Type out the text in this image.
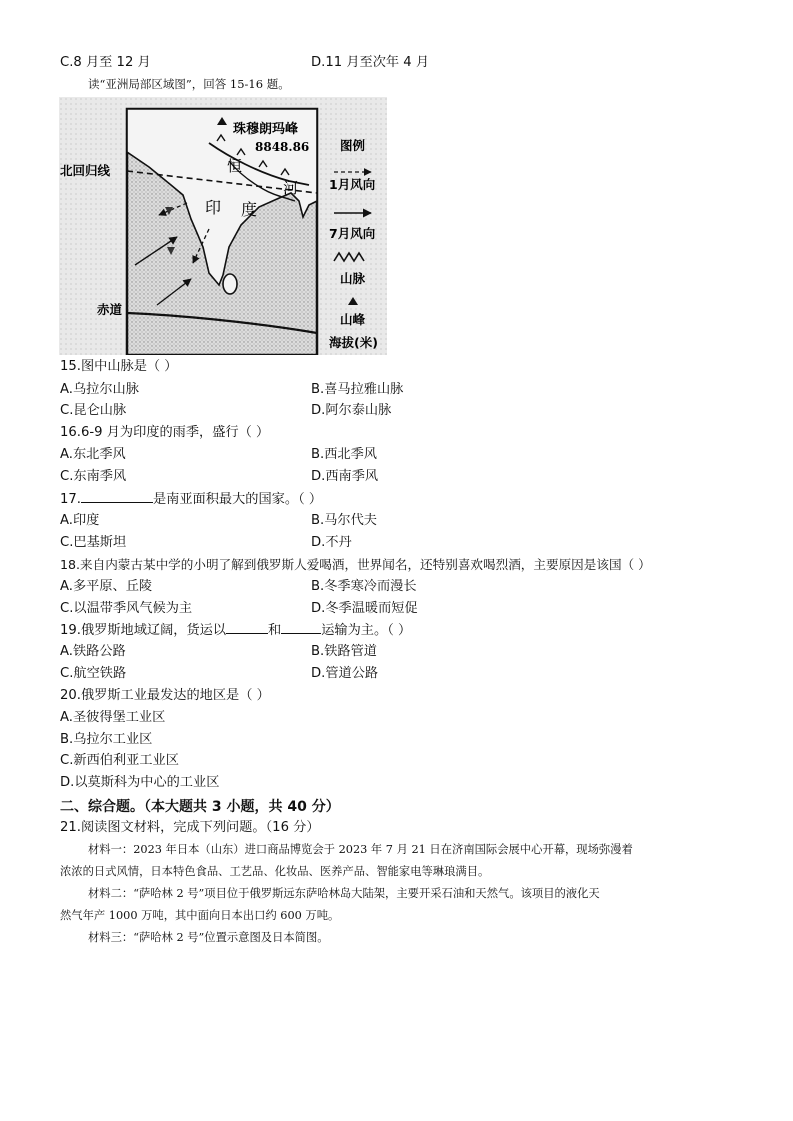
C.8 月至 12 月	D.11 月至次年 4 月
读“亚洲局部区域图”，回答 15-16 题。
珠穆朗玛峰
8848.86
北回归线
赤道
印 度
恒
河
图例
1月风向
7月风向
山脉
山峰
海拔(米)
15.图中山脉是（ ）
A.乌拉尔山脉	B.喜马拉雅山脉
C.昆仑山脉	D.阿尔泰山脉
16.6-9 月为印度的雨季，盛行（ ）
A.东北季风	B.西北季风
C.东南季风	D.西南季风
17.	是南亚面积最大的国家。（ ）
A.印度	B.马尔代夫
C.巴基斯坦	D.不丹
18.来自内蒙古某中学的小明了解到俄罗斯人爱喝酒，世界闻名，还特别喜欢喝烈酒，主要原因是该国（ ）
A.多平原、丘陵	B.冬季寒冷而漫长
C.以温带季风气候为主	D.冬季温暖而短促
19.俄罗斯地域辽阔，货运以	和	运输为主。（ ）
A.铁路公路	B.铁路管道
C.航空铁路	D.管道公路
20.俄罗斯工业最发达的地区是（ ）
A.圣彼得堡工业区
B.乌拉尔工业区
C.新西伯利亚工业区
D.以莫斯科为中心的工业区
二、综合题。（本大题共 3 小题，共 40 分）
21.阅读图文材料，完成下列问题。（16 分）
材料一：2023 年日本（山东）进口商品博览会于 2023 年 7 月 21 日在济南国际会展中心开幕，现场弥漫着
浓浓的日式风情，日本特色食品、工艺品、化妆品、医养产品、智能家电等琳琅满目。
材料二：“萨哈林 2 号”项目位于俄罗斯远东萨哈林岛大陆架，主要开采石油和天然气。该项目的液化天
然气年产 1000 万吨，其中面向日本出口约 600 万吨。
材料三：“萨哈林 2 号”位置示意图及日本简图。
